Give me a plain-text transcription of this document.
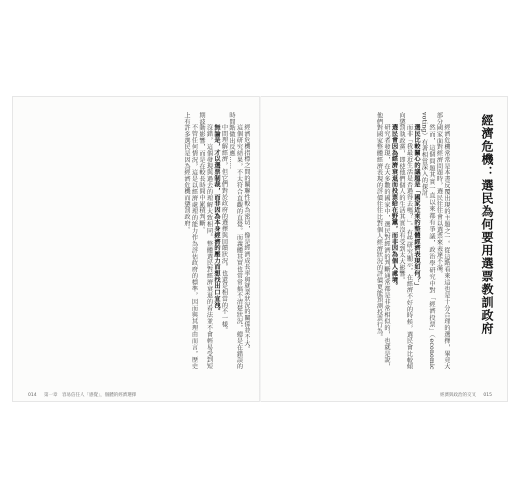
經濟危機指標之間的關聯性較為密切，像是經濟成長率與就業狀況的關係並不大。

這個研究結果，不太符合直觀的直覺。而義體其實也常常搞不清楚狀況，總是在錯誤的時間點做出反應……

中間理解經濟，但它們對於政府的選擇與回饋狀況，也還是相當的不一樣。

無論是，才以選票制裁，而非因為本身經濟的壓力而想找出口宣洩。

沒錯，這個發現與過去的理解大致相同。整體選民對經濟衰退的看法並不會輕易受到短期波動影響，而是在較長時間中累積判斷。

不管任何情況，這是以經濟處理的能力作為評估政府的標準，因而與其理由而言，歷史上有許多選民是因為經濟危機而懲罰政府。

014 第一章　容易信任人「感覺」，個體的經濟選擇
經濟危機：選民為何要用選票教訓政府

經濟危機常常是本書反覆出現的主題之一。從這點看來這也是十分合理的選擇，畢竟大部分國家面對經濟問題時，選民往往會以選票來表達不滿。

然而，這個問題其實一直以來都有爭議，政治學研究中對「經濟投票」（economic voting）有著相當深入的探討。

選民比較關心的議題是「國家近來的整體經濟表現如何？」

而非「我最近生活是否過得去嗎？」。有些研究顯示，在經濟不好的時候，選民會比較傾向懲罰執政黨，即使他們個人的生活其實沒有受到太大影響。

選民會因為經濟衰退而投票給在野黨，而非因為個人處境。

研究者發現，在大多數的國家中，選民對經濟的判斷通常都是非常相似的，也就是說，他們對國家整體經濟表現的評價往往比對個人經濟狀況的評價更能預測投票行為。

經濟與政治的交叉 015
